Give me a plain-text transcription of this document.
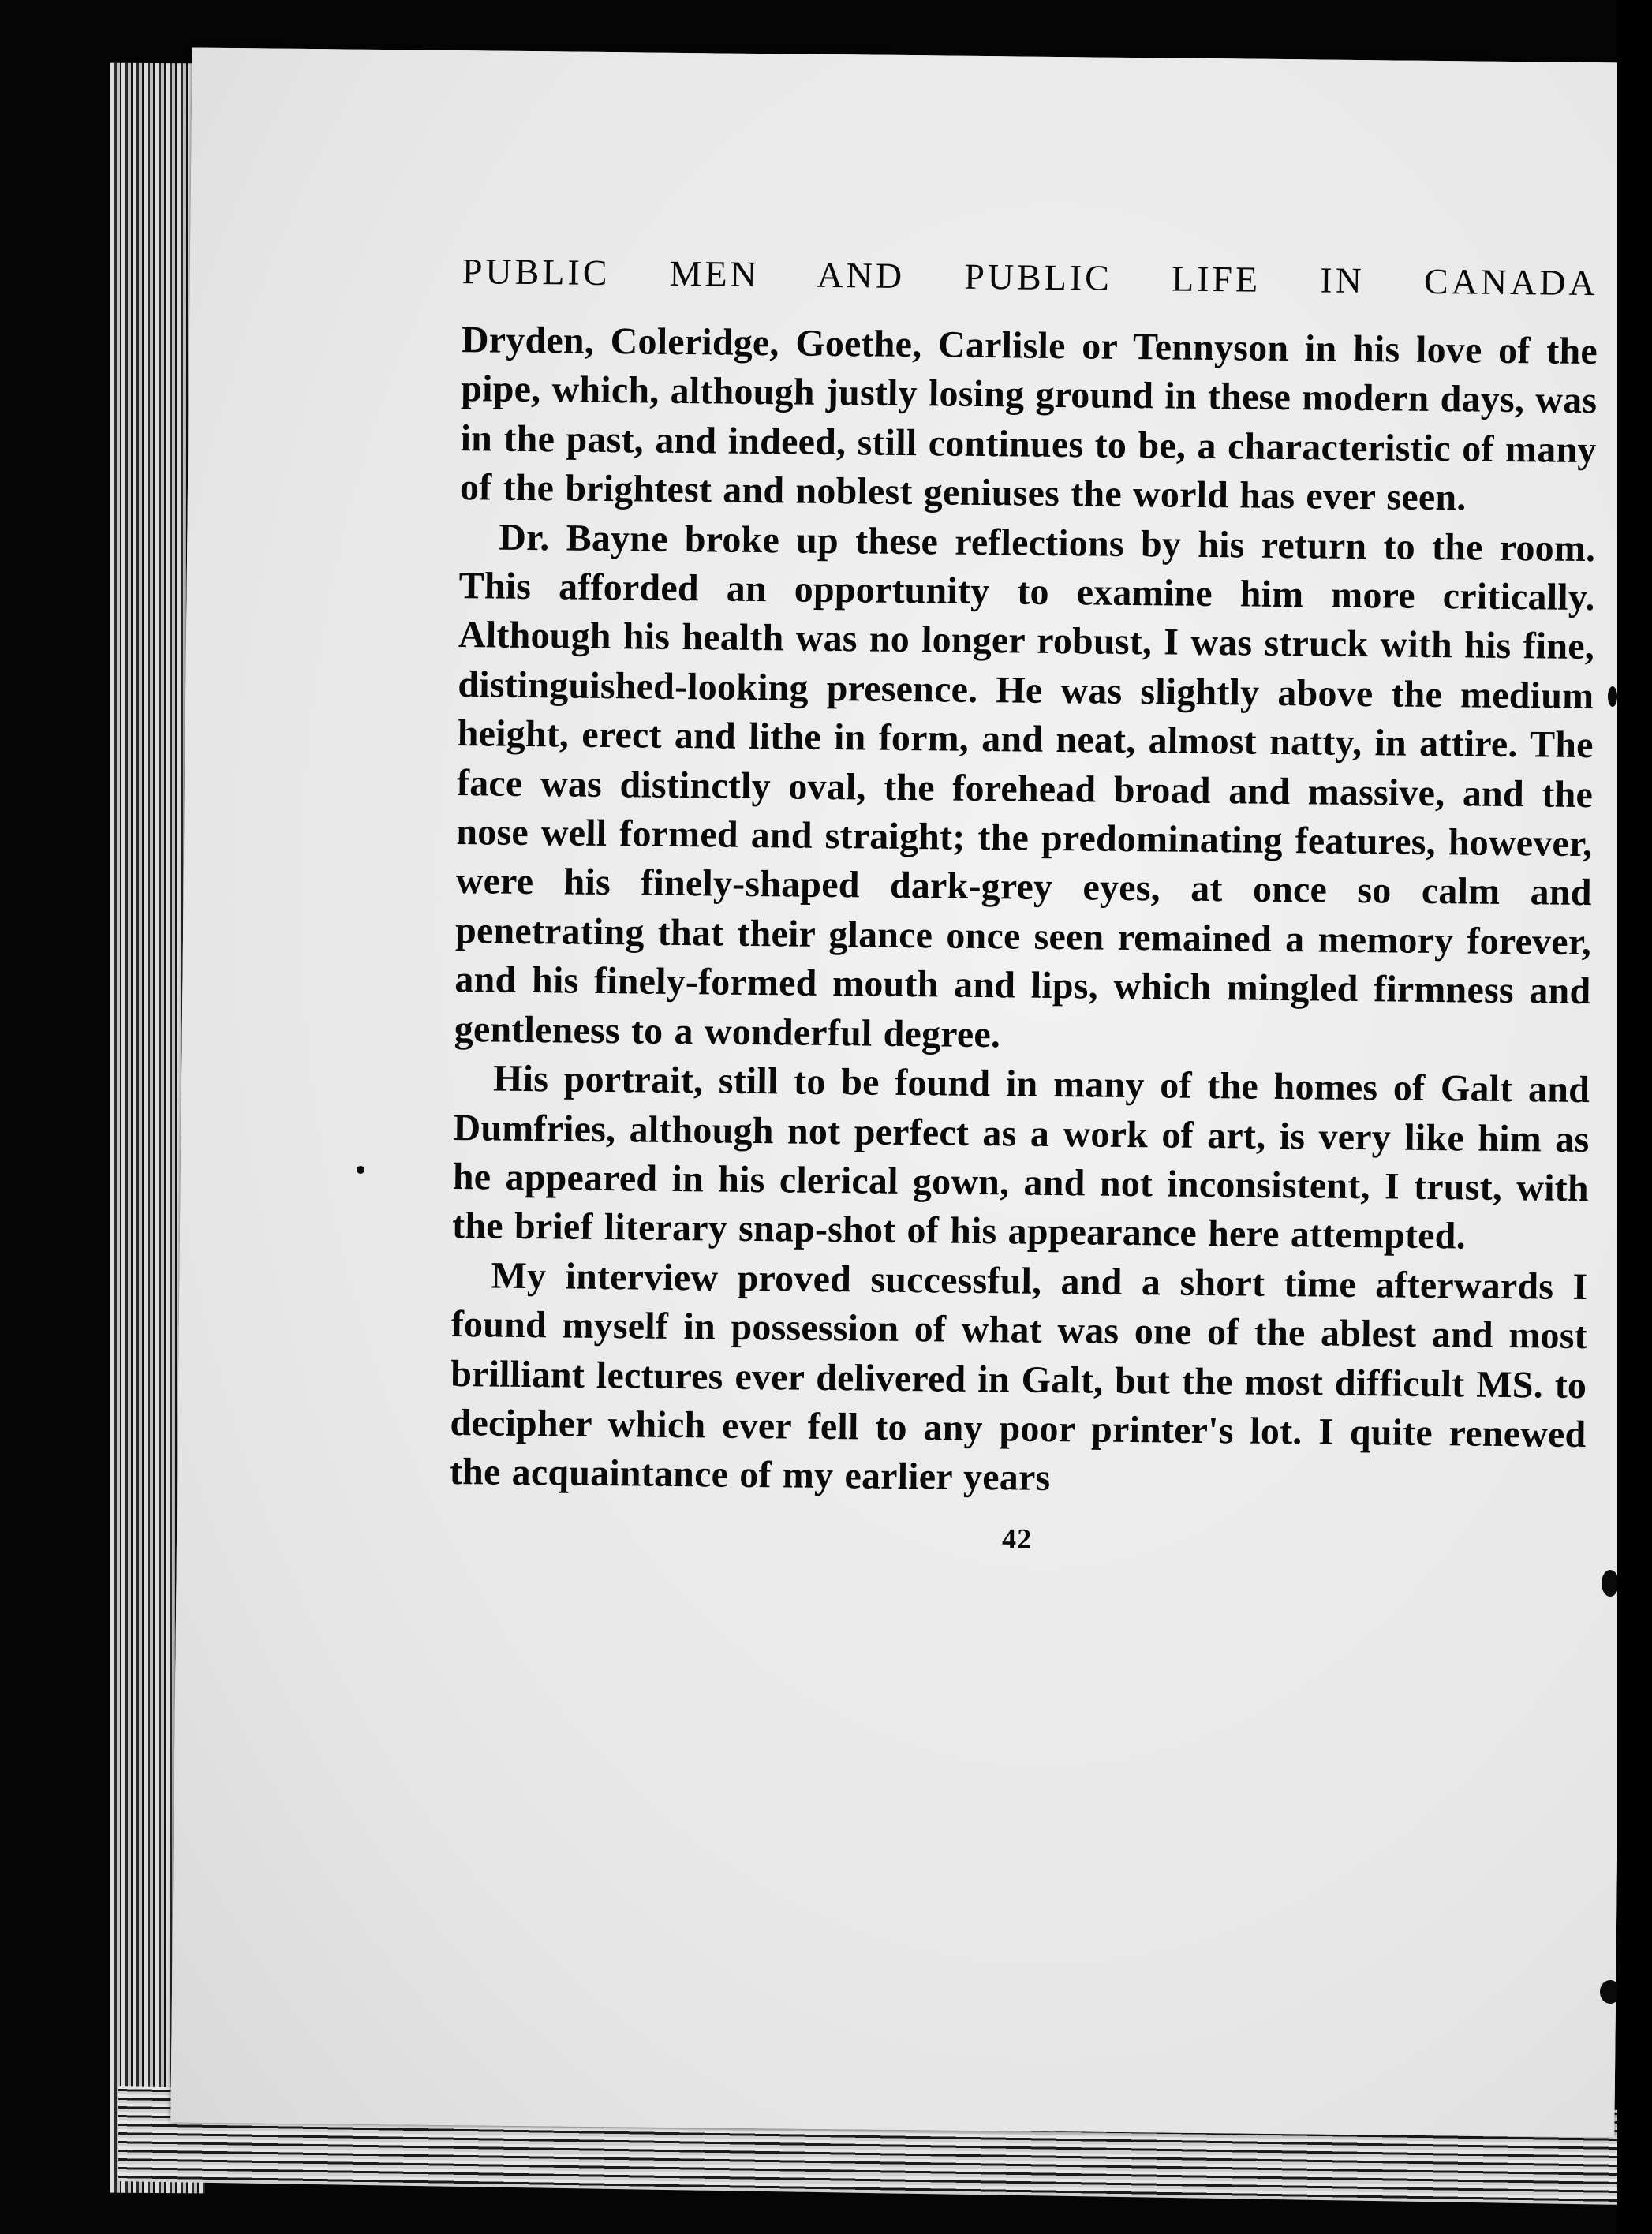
PUBLIC MEN AND PUBLIC LIFE IN CANADA

Dryden, Coleridge, Goethe, Carlisle or Tennyson in his love of the pipe, which, although justly losing ground in these modern days, was in the past, and indeed, still continues to be, a characteristic of many of the brightest and noblest geniuses the world has ever seen.

Dr. Bayne broke up these reflections by his return to the room. This afforded an opportunity to examine him more critically. Although his health was no longer robust, I was struck with his fine, distinguished-looking presence. He was slightly above the medium height, erect and lithe in form, and neat, almost natty, in attire. The face was distinctly oval, the forehead broad and massive, and the nose well formed and straight; the predominating features, however, were his finely-shaped dark-grey eyes, at once so calm and penetrating that their glance once seen remained a memory forever, and his finely-formed mouth and lips, which mingled firmness and gentleness to a wonderful degree.

His portrait, still to be found in many of the homes of Galt and Dumfries, although not perfect as a work of art, is very like him as he appeared in his clerical gown, and not inconsistent, I trust, with the brief literary snap-shot of his appearance here attempted.

My interview proved successful, and a short time afterwards I found myself in possession of what was one of the ablest and most brilliant lectures ever delivered in Galt, but the most difficult MS. to decipher which ever fell to any poor printer's lot. I quite renewed the acquaintance of my earlier years

42
